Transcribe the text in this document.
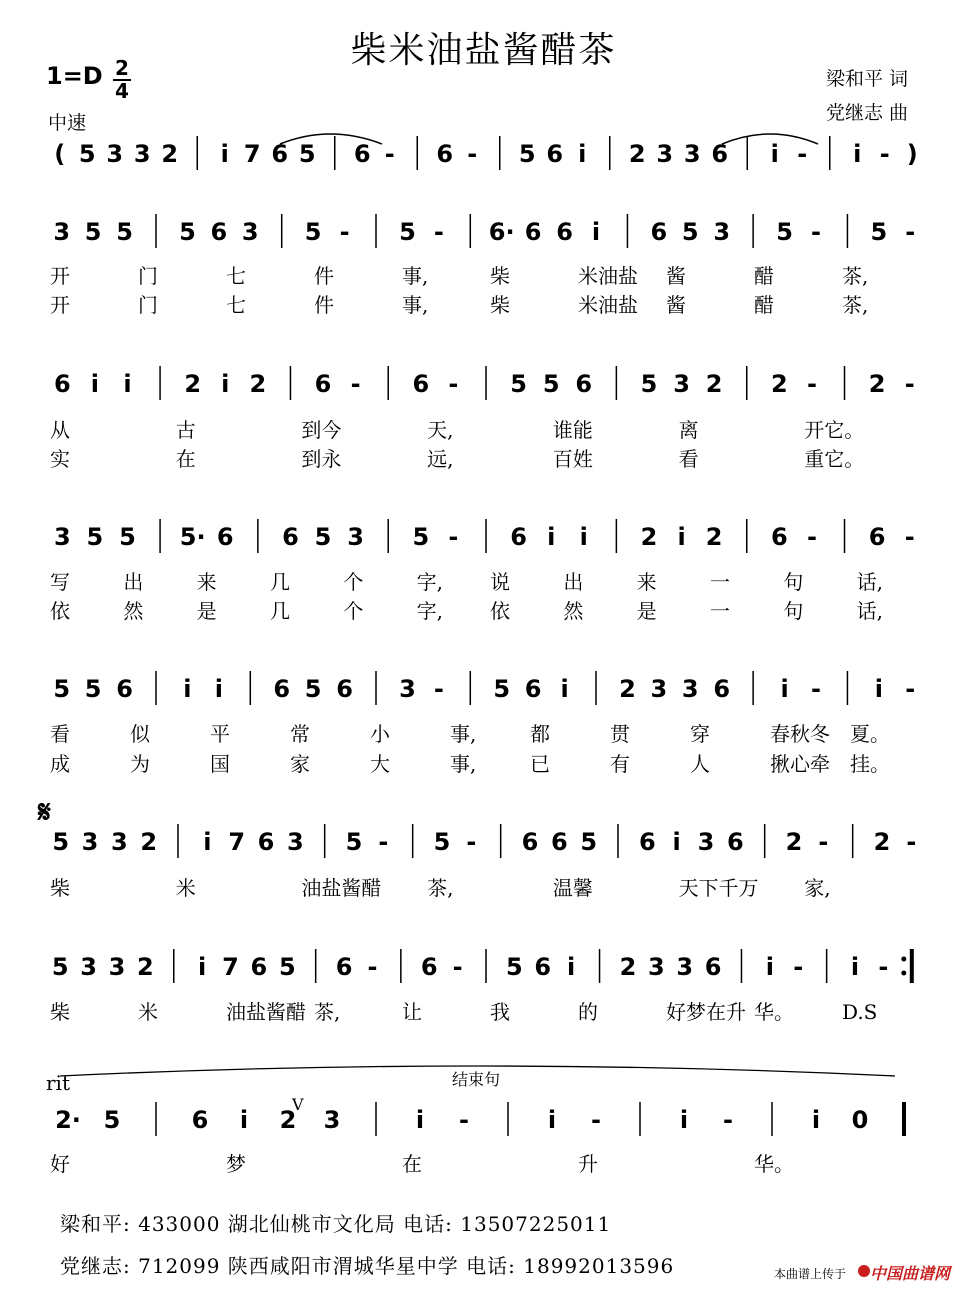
柴米油盐酱醋茶
1=D 2
4
中速
梁和平 词
党继志 曲
( 5 3 3 2 i 7 6 5 6 - 6 - 5 6 i 2 3 3 6 i - i - )
3 5 5 5 6 3 5 - 5 - 6· 6 6 i 6 5 3 5 - 5 -
开	门	七	件	事,	柴	米油盐 酱	醋	茶,
开	门	七	件	事,	柴	米油盐 酱	醋	茶,
6 i i 2 i 2 6 - 6 - 5 5 6 5 3 2 2 - 2 -
从	古	到今	天,	谁能	离	开它。
实	在	到永	远,	百姓	看	重它。
3 5 5 5· 6 6 5 3 5 - 6 i i 2 i 2 6 - 6 -
写	出	来	几	个	字, 说	出	来	一	句	话,
依	然	是	几	个	字, 依	然	是	一	句	话,
5 5 6 i i 6 5 6 3 - 5 6 i 2 3 3 6 i - i -
看	似	平	常	小	事,	都	贯	穿	春秋冬 夏。
成	为	国	家	大	事,	已	有	人	揪心牵 挂。
5 3 3 2 i 7 6 3 5 - 5 - 6 6 5 6 i 3 6 2 - 2 -
柴	米	油盐酱醋 茶,	温馨	天下千万 家,
𝄋
5 3 3 2 i 7 6 5 6 - 6 - 5 6 i 2 3 3 6 i - i -
柴	米	油盐酱醋 茶,	让	我	的	好梦在升 华。 D.S
2· 5	6 i 2 3	i -	i -	i -	i 0
好	梦	在	升	华。
rit	结束句
V
梁和平: 433000 湖北仙桃市文化局 电话: 13507225011
党继志: 712099 陕西咸阳市渭城华星中学 电话: 18992013596	本曲谱上传于 中国曲谱网
